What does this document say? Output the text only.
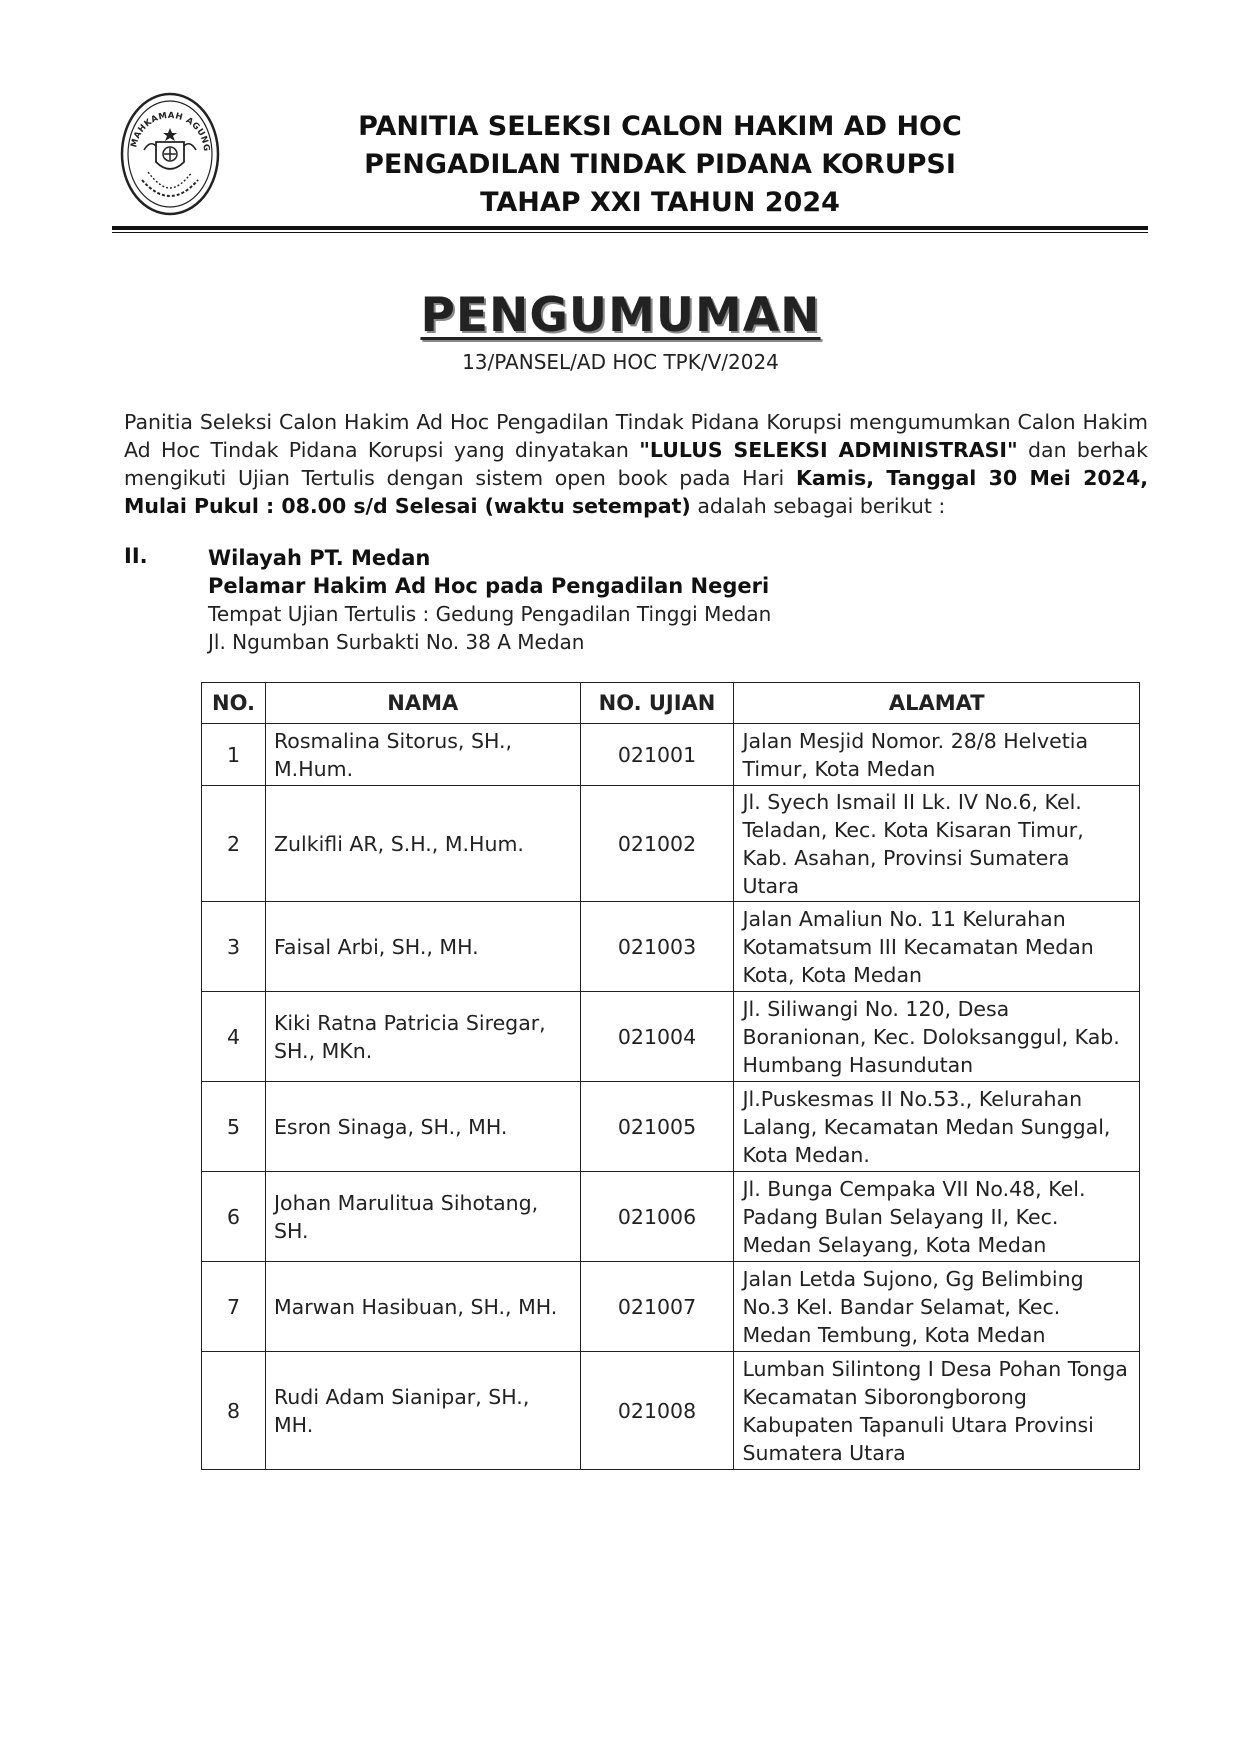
MAHKAMAH AGUNG
PANITIA SELEKSI CALON HAKIM AD HOC
PENGADILAN TINDAK PIDANA KORUPSI
TAHAP XXI TAHUN 2024
PENGUMUMAN
13/PANSEL/AD HOC TPK/V/2024
Panitia Seleksi Calon Hakim Ad Hoc Pengadilan Tindak Pidana Korupsi mengumumkan Calon Hakim Ad Hoc Tindak Pidana Korupsi yang dinyatakan "LULUS SELEKSI ADMINISTRASI" dan berhak mengikuti Ujian Tertulis dengan sistem open book pada Hari Kamis, Tanggal 30 Mei 2024, Mulai Pukul : 08.00 s/d Selesai (waktu setempat) adalah sebagai berikut :
II.	Wilayah PT. Medan
Pelamar Hakim Ad Hoc pada Pengadilan Negeri
Tempat Ujian Tertulis : Gedung Pengadilan Tinggi Medan
Jl. Ngumban Surbakti No. 38 A Medan
NO.	NAMA	NO. UJIAN	ALAMAT
1	Rosmalina Sitorus, SH., M.Hum.	021001	Jalan Mesjid Nomor. 28/8 Helvetia Timur, Kota Medan
2	Zulkifli AR, S.H., M.Hum.	021002	Jl. Syech Ismail II Lk. IV No.6, Kel. Teladan, Kec. Kota Kisaran Timur, Kab. Asahan, Provinsi Sumatera Utara
3	Faisal Arbi, SH., MH.	021003	Jalan Amaliun No. 11 Kelurahan Kotamatsum III Kecamatan Medan Kota, Kota Medan
4	Kiki Ratna Patricia Siregar, SH., MKn.	021004	Jl. Siliwangi No. 120, Desa Boranionan, Kec. Doloksanggul, Kab. Humbang Hasundutan
5	Esron Sinaga, SH., MH.	021005	Jl.Puskesmas II No.53., Kelurahan Lalang, Kecamatan Medan Sunggal, Kota Medan.
6	Johan Marulitua Sihotang, SH.	021006	Jl. Bunga Cempaka VII No.48, Kel. Padang Bulan Selayang II, Kec. Medan Selayang, Kota Medan
7	Marwan Hasibuan, SH., MH.	021007	Jalan Letda Sujono, Gg Belimbing No.3 Kel. Bandar Selamat, Kec. Medan Tembung, Kota Medan
8	Rudi Adam Sianipar, SH., MH.	021008	Lumban Silintong I Desa Pohan Tonga Kecamatan Siborongborong Kabupaten Tapanuli Utara Provinsi Sumatera Utara
